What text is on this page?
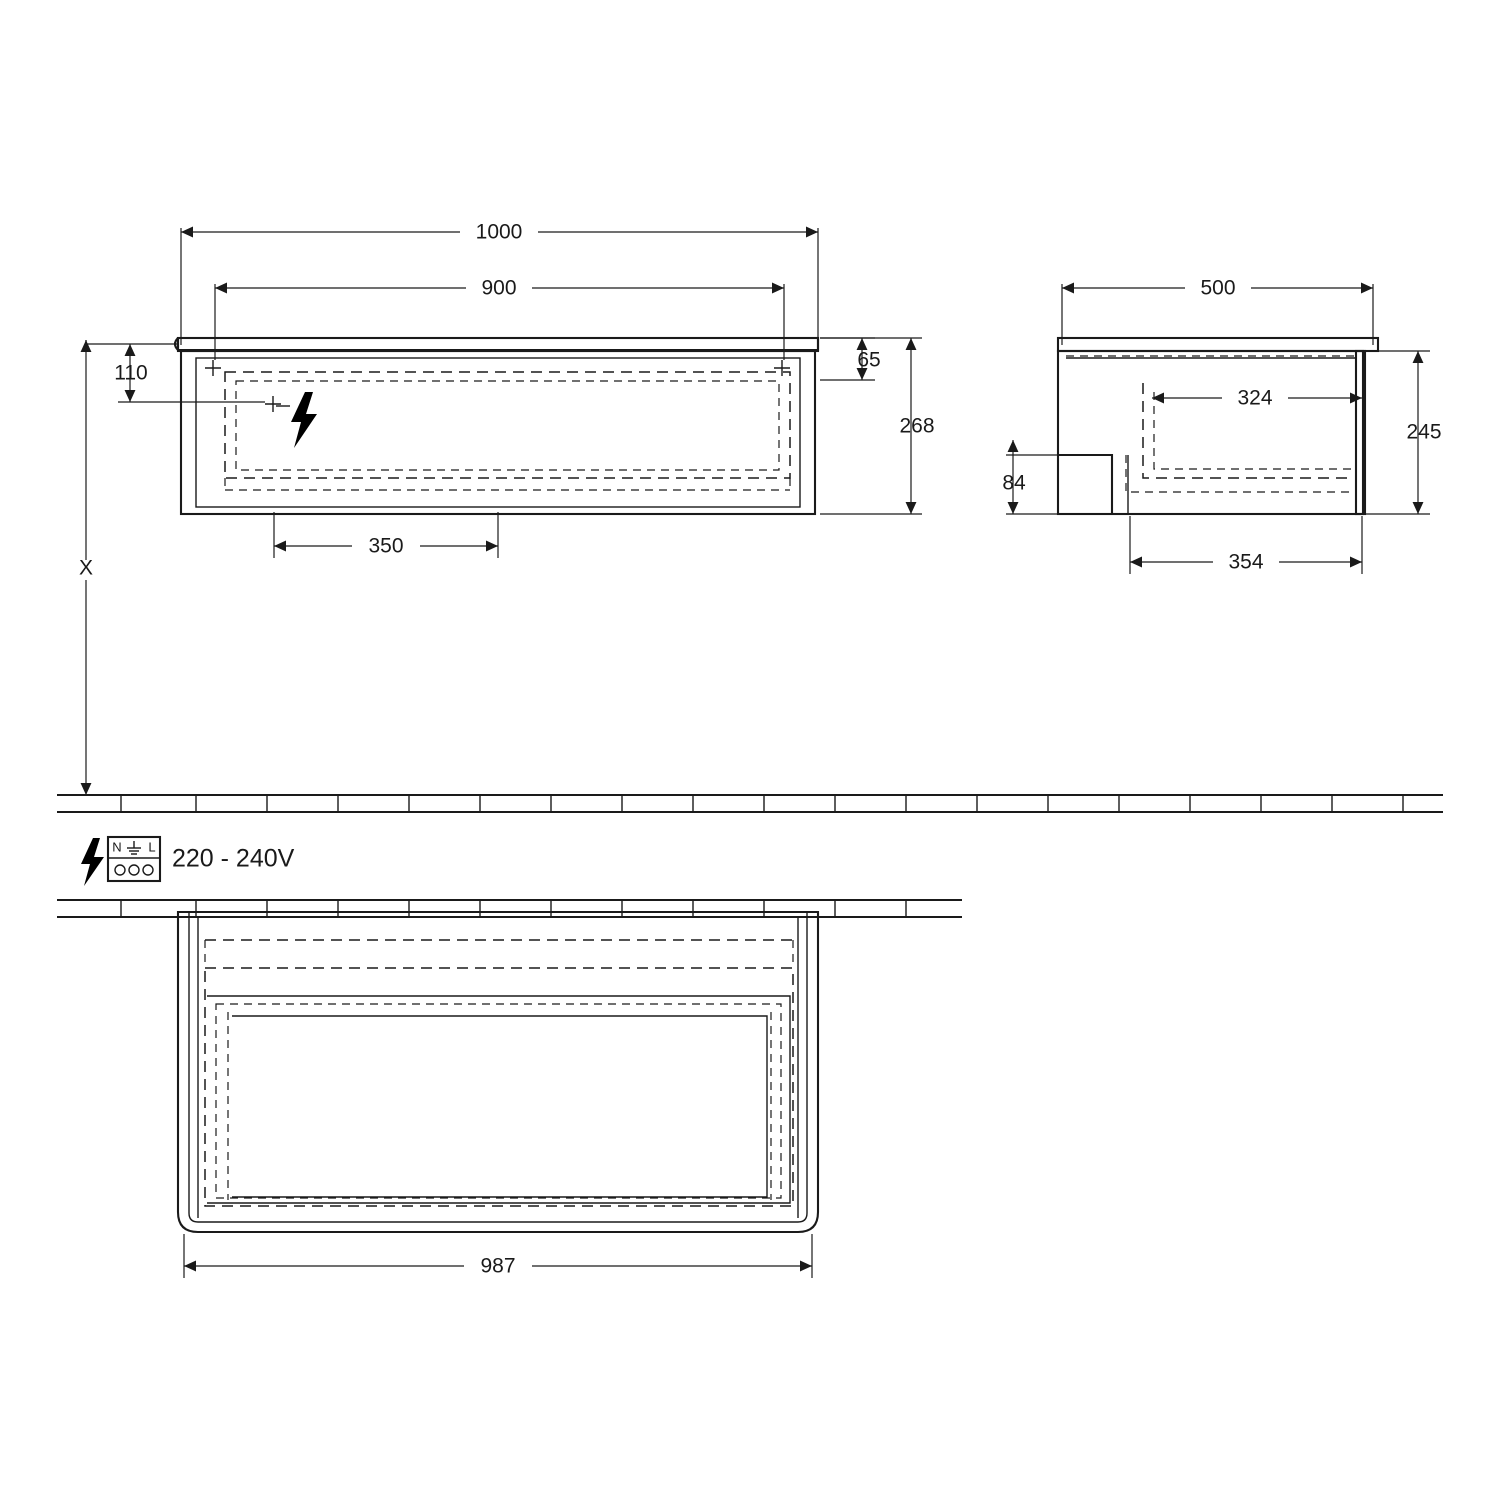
1000
900
65
268
110
350
X
500
324
245
84
354
N L 220 - 240V
987
